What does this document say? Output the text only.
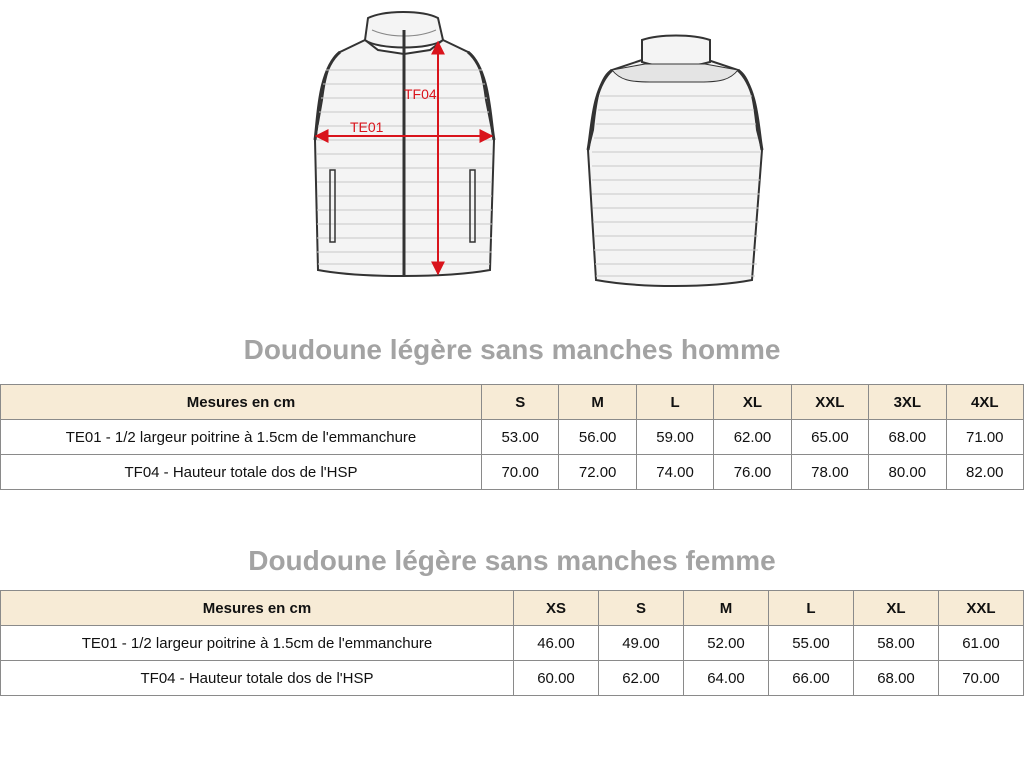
TE01
TF04
Doudoune légère sans manches homme
Mesures en cm	S	M	L	XL	XXL	3XL	4XL
TE01 - 1/2 largeur poitrine à 1.5cm de l'emmanchure	53.00	56.00	59.00	62.00	65.00	68.00	71.00
TF04 - Hauteur totale dos de l'HSP	70.00	72.00	74.00	76.00	78.00	80.00	82.00
Doudoune légère sans manches femme
Mesures en cm	XS	S	M	L	XL	XXL
TE01 - 1/2 largeur poitrine à 1.5cm de l'emmanchure	46.00	49.00	52.00	55.00	58.00	61.00
TF04 - Hauteur totale dos de l'HSP	60.00	62.00	64.00	66.00	68.00	70.00
